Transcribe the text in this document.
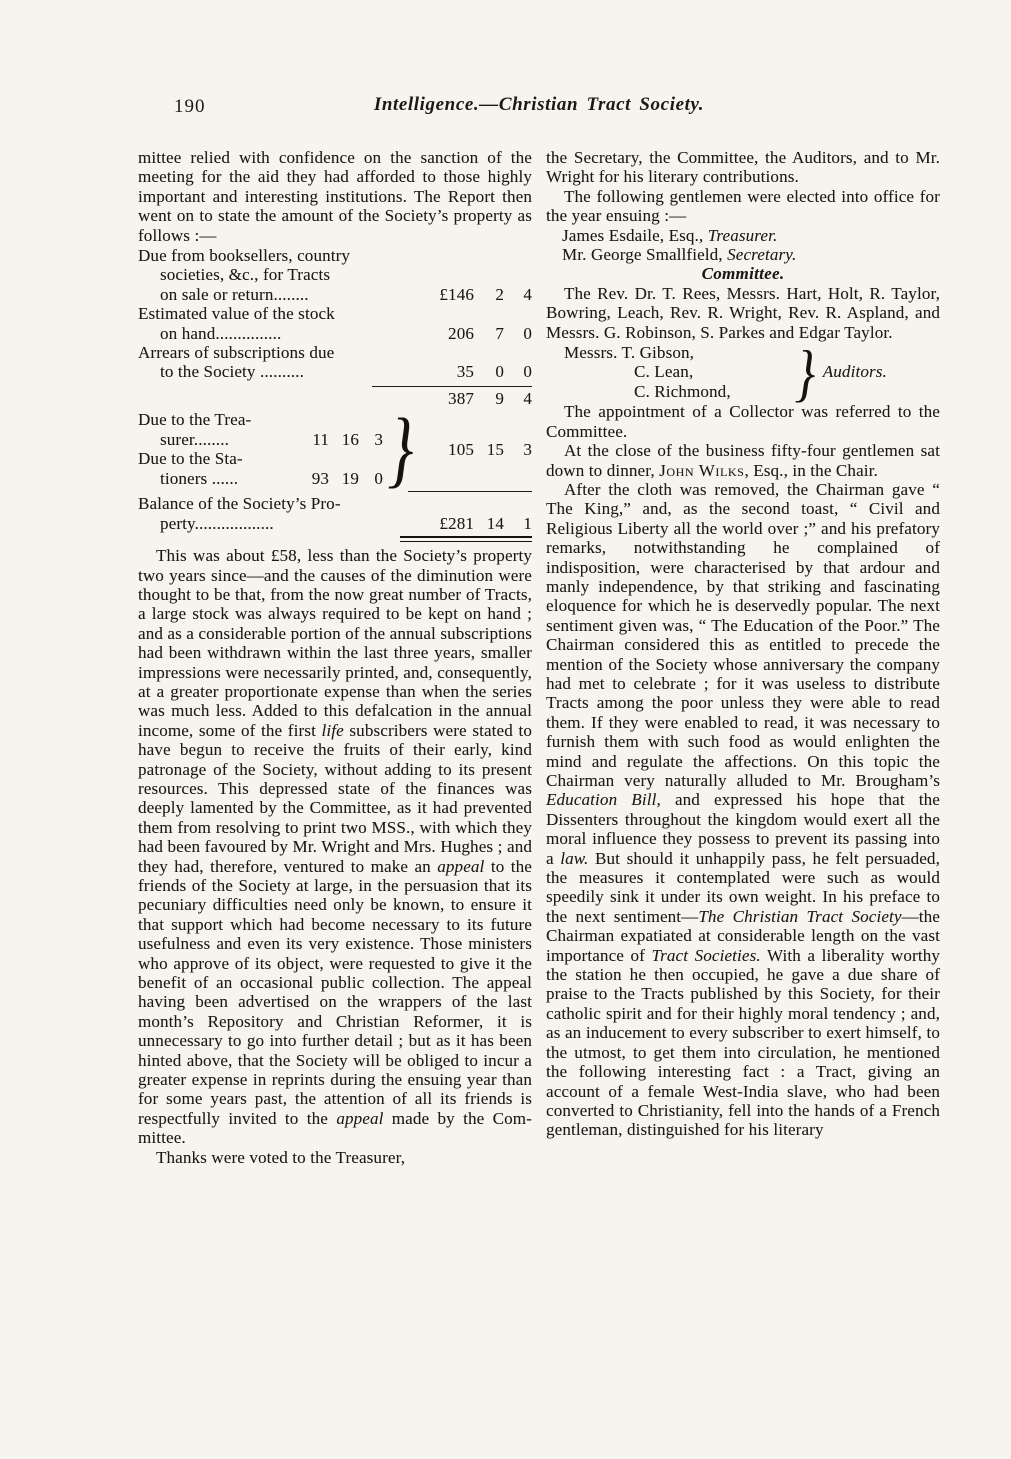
190	Intelligence.—Christian Tract Society.

mittee relied with confidence on the sanction of the meeting for the aid they had afforded to those highly important and interesting institutions. The Report then went on to state the amount of the Society’s property as follows :—

Due from booksellers, country
societies, &c., for Tracts
on sale or return........	£146	2	4

Estimated value of the stock
on hand...............	206	7	0

Arrears of subscriptions due
to the Society ..........	35	0	0
	387	9	4
Due to the Trea-
surer........	11	16	3

Due to the Sta-
tioners ......	93	19	0 }
	105	15	3
Balance of the Society’s Pro-
perty..................	£281	14	1

This was about £58, less than the Society’s property two years since—and the causes of the diminution were thought to be that, from the now great number of Tracts, a large stock was always required to be kept on hand ; and as a considerable portion of the annual subscriptions had been withdrawn within the last three years, smaller impressions were necessarily printed, and, consequently, at a greater proportionate expense than when the series was much less. Added to this defalcation in the annual income, some of the first life subscribers were stated to have begun to receive the fruits of their early, kind patronage of the Society, without adding to its present resources. This depressed state of the finances was deeply lamented by the Committee, as it had prevented them from resolving to print two MSS., with which they had been favoured by Mr. Wright and Mrs. Hughes ; and they had, therefore, ventured to make an appeal to the friends of the Society at large, in the persuasion that its pecuniary difficulties need only be known, to ensure it that support which had become necessary to its future usefulness and even its very existence. Those ministers who approve of its object, were requested to give it the benefit of an occasional public collection. The appeal having been advertised on the wrappers of the last month’s Repository and Christian Reformer, it is unnecessary to go into further detail ; but as it has been hinted above, that the Society will be obliged to incur a greater expense in reprints during the ensuing year than for some years past, the attention of all its friends is respectfully invited to the appeal made by the Com-mittee.

Thanks were voted to the Treasurer,

the Secretary, the Committee, the Auditors, and to Mr. Wright for his literary contributions.

The following gentlemen were elected into office for the year ensuing :—

James Esdaile, Esq., Treasurer.

Mr. George Smallfield, Secretary.

Committee.

The Rev. Dr. T. Rees, Messrs. Hart, Holt, R. Taylor, Bowring, Leach, Rev. R. Wright, Rev. R. Aspland, and Messrs. G. Robinson, S. Parkes and Edgar Taylor.

Messrs. T. Gibson,
C. Lean,
C. Richmond, } Auditors.

The appointment of a Collector was referred to the Committee.

At the close of the business fifty-four gentlemen sat down to dinner, John Wilks, Esq., in the Chair.

After the cloth was removed, the Chairman gave “ The King,” and, as the second toast, “ Civil and Religious Liberty all the world over ;” and his prefatory remarks, notwithstanding he complained of indisposition, were characterised by that ardour and manly independence, by that striking and fascinating eloquence for which he is deservedly popular. The next sentiment given was, “ The Education of the Poor.” The Chairman considered this as entitled to precede the mention of the Society whose anniversary the company had met to celebrate ; for it was useless to distribute Tracts among the poor unless they were able to read them. If they were enabled to read, it was necessary to furnish them with such food as would enlighten the mind and regulate the affections. On this topic the Chairman very naturally alluded to Mr. Brougham’s Education Bill, and expressed his hope that the Dissenters throughout the kingdom would exert all the moral influence they possess to prevent its passing into a law. But should it unhappily pass, he felt persuaded, the measures it contemplated were such as would speedily sink it under its own weight. In his preface to the next sentiment—The Christian Tract Society—the Chairman expatiated at considerable length on the vast importance of Tract Societies. With a liberality worthy the station he then occupied, he gave a due share of praise to the Tracts published by this Society, for their catholic spirit and for their highly moral tendency ; and, as an inducement to every subscriber to exert himself, to the utmost, to get them into circulation, he mentioned the following interesting fact : a Tract, giving an account of a female West-India slave, who had been converted to Christianity, fell into the hands of a French gentleman, distinguished for his literary
